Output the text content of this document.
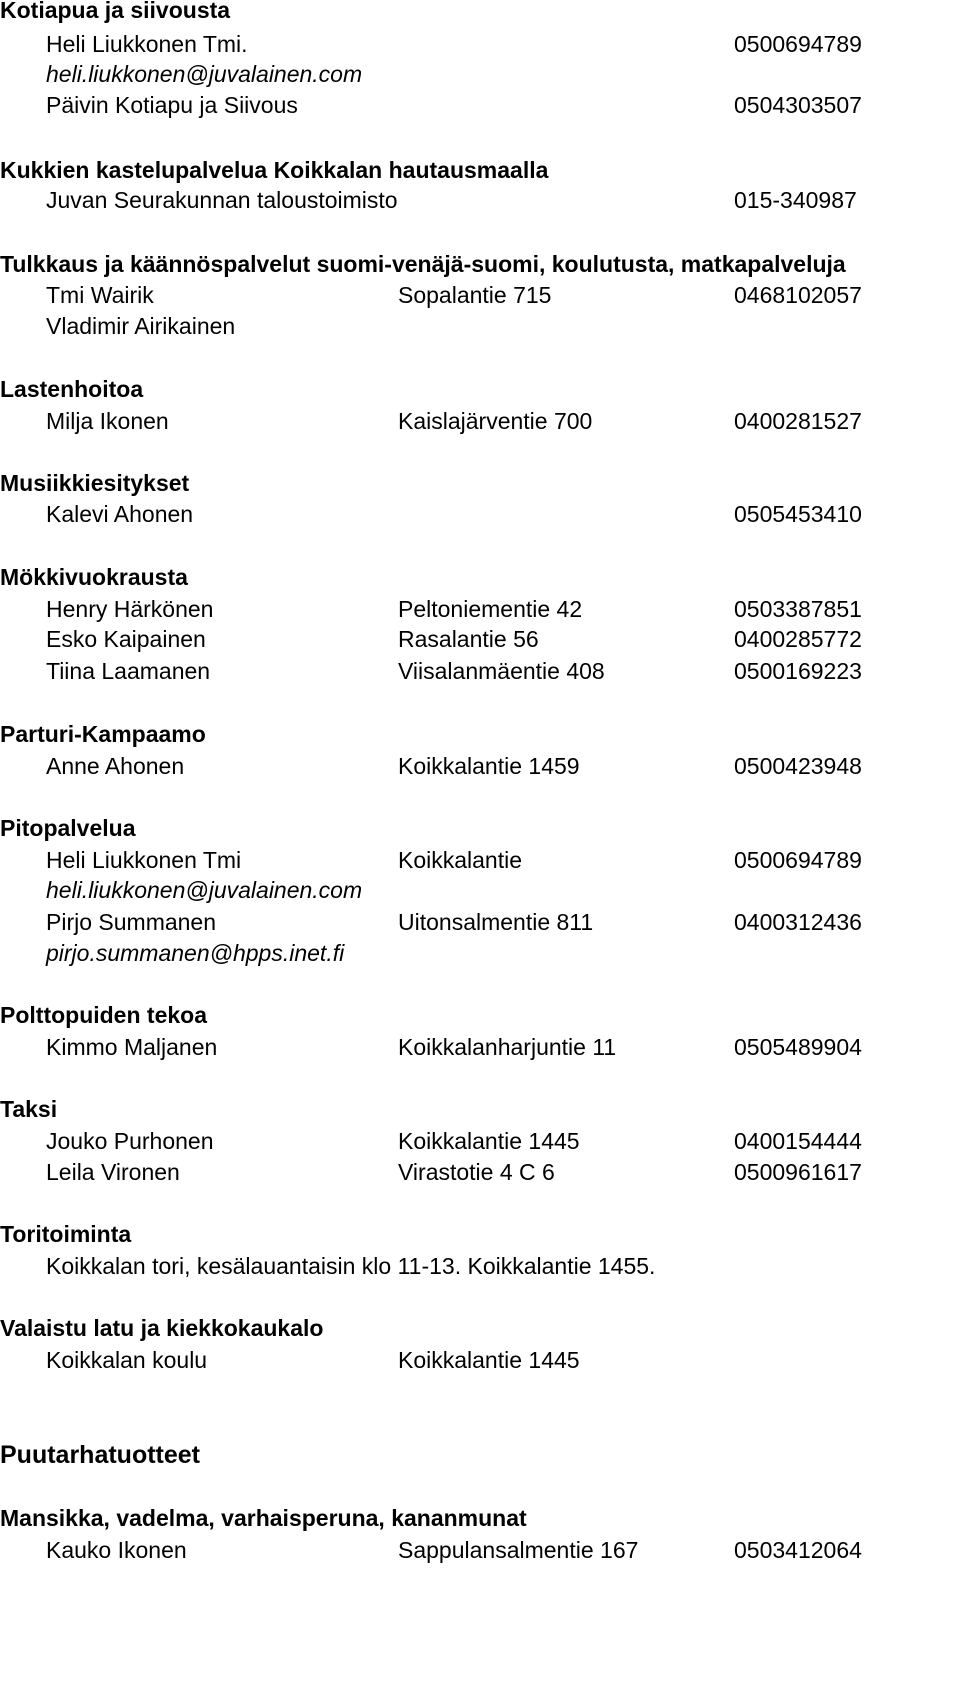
Kotiapua ja siivousta
Heli Liukkonen Tmi.	0500694789
heli.liukkonen@juvalainen.com
Päivin Kotiapu ja Siivous	0504303507
Kukkien kastelupalvelua Koikkalan hautausmaalla
Juvan Seurakunnan taloustoimisto	015-340987
Tulkkaus ja käännöspalvelut suomi-venäjä-suomi, koulutusta, matkapalveluja
Tmi Wairik	Sopalantie 715	0468102057
Vladimir Airikainen
Lastenhoitoa
Milja Ikonen	Kaislajärventie 700	0400281527
Musiikkiesitykset
Kalevi Ahonen	0505453410
Mökkivuokrausta
Henry Härkönen	Peltoniementie 42	0503387851
Esko Kaipainen	Rasalantie 56	0400285772
Tiina Laamanen	Viisalanmäentie 408	0500169223
Parturi-Kampaamo
Anne Ahonen	Koikkalantie 1459	0500423948
Pitopalvelua
Heli Liukkonen Tmi	Koikkalantie	0500694789
heli.liukkonen@juvalainen.com
Pirjo Summanen	Uitonsalmentie 811	0400312436
pirjo.summanen@hpps.inet.fi
Polttopuiden tekoa
Kimmo Maljanen	Koikkalanharjuntie 11	0505489904
Taksi
Jouko Purhonen	Koikkalantie 1445	0400154444
Leila Vironen	Virastotie 4 C 6	0500961617
Toritoiminta
Koikkalan tori, kesälauantaisin klo 11-13. Koikkalantie 1455.
Valaistu latu ja kiekkokaukalo
Koikkalan koulu	Koikkalantie 1445
Puutarhatuotteet
Mansikka, vadelma, varhaisperuna, kananmunat
Kauko Ikonen	Sappulansalmentie 167	0503412064
